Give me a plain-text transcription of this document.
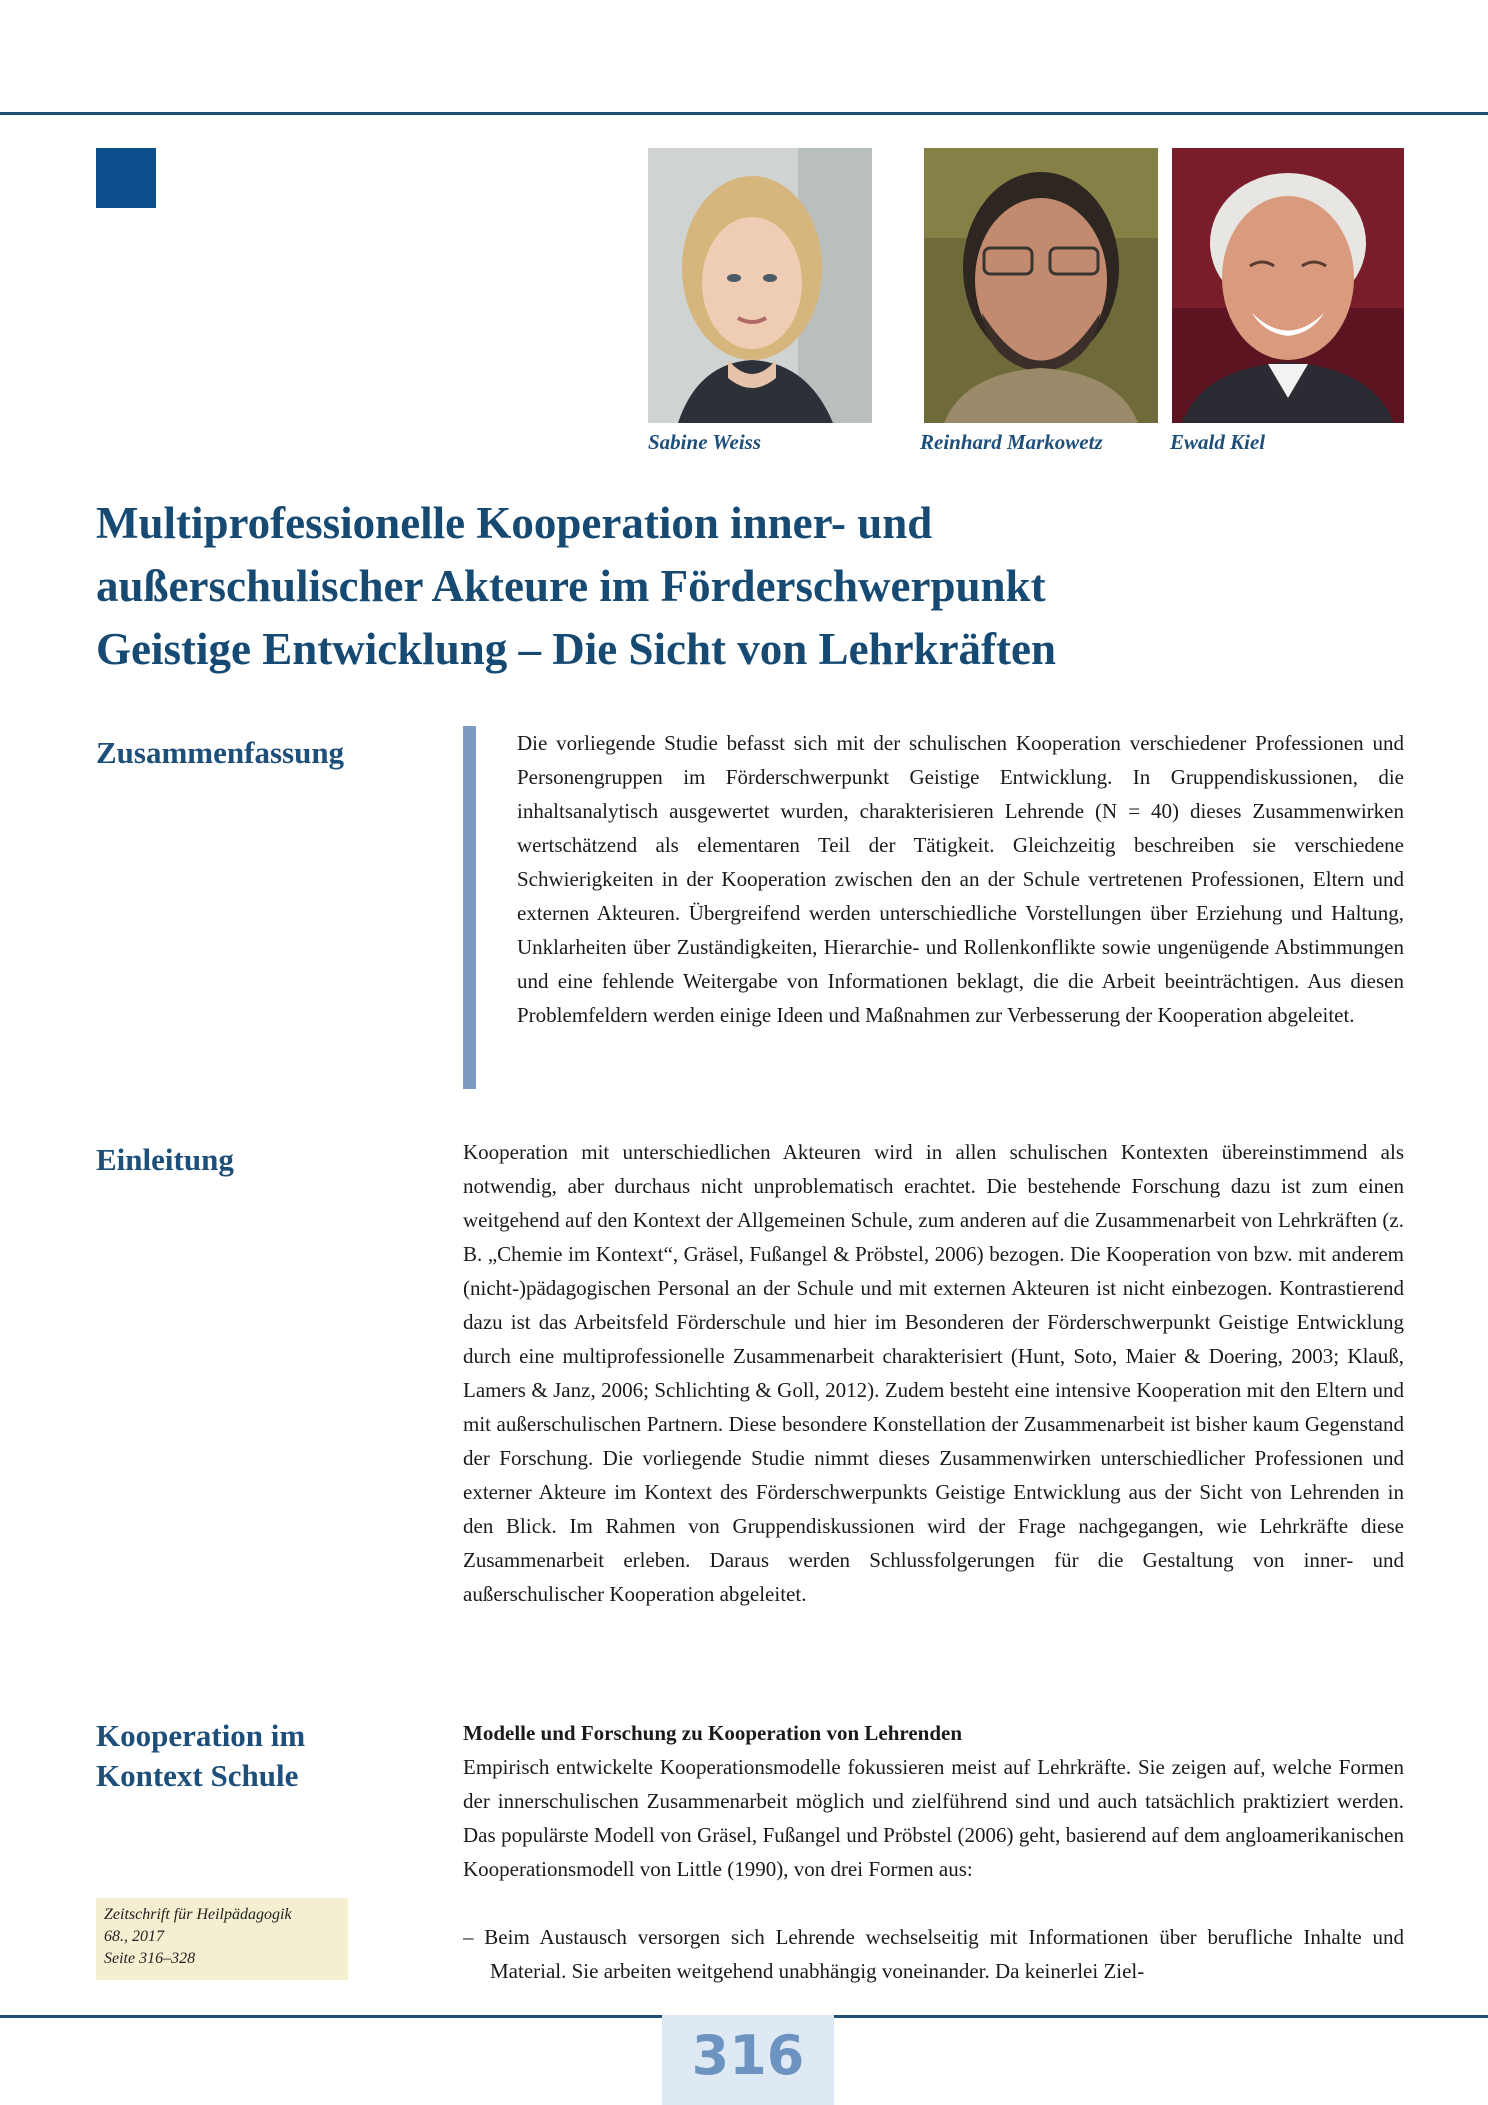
Sabine Weiss	Reinhard Markowetz	Ewald Kiel
Multiprofessionelle Kooperation inner- und
außerschulischer Akteure im Förderschwerpunkt
Geistige Entwicklung – Die Sicht von Lehrkräften
Zusammenfassung	Die vorliegende Studie befasst sich mit der schulischen Kooperation verschiedener Professionen und Personengruppen im Förderschwerpunkt Geistige Entwicklung. In Gruppendiskussionen, die inhaltsanalytisch ausgewertet wurden, charakterisieren Lehrende (N = 40) dieses Zusammenwirken wertschätzend als elementaren Teil der Tätigkeit. Gleichzeitig beschreiben sie verschiedene Schwierigkeiten in der Kooperation zwischen den an der Schule vertretenen Professionen, Eltern und externen Akteuren. Übergreifend werden unterschiedliche Vorstellungen über Erziehung und Haltung, Unklarheiten über Zuständigkeiten, Hierarchie- und Rollenkonflikte sowie ungenügende Abstimmungen und eine fehlende Weitergabe von Informationen beklagt, die die Arbeit beeinträchtigen. Aus diesen Problemfeldern werden einige Ideen und Maßnahmen zur Verbesserung der Kooperation abgeleitet.

Einleitung	Kooperation mit unterschiedlichen Akteuren wird in allen schulischen Kontexten übereinstimmend als notwendig, aber durchaus nicht unproblematisch erachtet. Die bestehende Forschung dazu ist zum einen weitgehend auf den Kontext der Allgemeinen Schule, zum anderen auf die Zusammenarbeit von Lehrkräften (z. B. „Chemie im Kontext“, Gräsel, Fußangel & Pröbstel, 2006) bezogen. Die Kooperation von bzw. mit anderem (nicht-)pädagogischen Personal an der Schule und mit externen Akteuren ist nicht einbezogen. Kontrastierend dazu ist das Arbeitsfeld Förderschule und hier im Besonderen der Förderschwerpunkt Geistige Entwicklung durch eine multiprofessionelle Zusammenarbeit charakterisiert (Hunt, Soto, Maier & Doering, 2003; Klauß, Lamers & Janz, 2006; Schlichting & Goll, 2012). Zudem besteht eine intensive Kooperation mit den Eltern und mit außerschulischen Partnern. Diese besondere Konstellation der Zusammenarbeit ist bisher kaum Gegenstand der Forschung. Die vorliegende Studie nimmt dieses Zusammenwirken unterschiedlicher Professionen und externer Akteure im Kontext des Förderschwerpunkts Geistige Entwicklung aus der Sicht von Lehrenden in den Blick. Im Rahmen von Gruppendiskussionen wird der Frage nachgegangen, wie Lehrkräfte diese Zusammenarbeit erleben. Daraus werden Schlussfolgerungen für die Gestaltung von inner- und außerschulischer Kooperation abgeleitet.

Kooperation im
Kontext Schule

Modelle und Forschung zu Kooperation von Lehrenden

Empirisch entwickelte Kooperationsmodelle fokussieren meist auf Lehrkräfte. Sie zeigen auf, welche Formen der innerschulischen Zusammenarbeit möglich und zielführend sind und auch tatsächlich praktiziert werden. Das populärste Modell von Gräsel, Fußangel und Pröbstel (2006) geht, basierend auf dem angloamerikanischen Kooperationsmodell von Little (1990), von drei Formen aus:

– Beim Austausch versorgen sich Lehrende wechselseitig mit Informationen über berufliche Inhalte und Material. Sie arbeiten weitgehend unabhängig voneinander. Da keinerlei Ziel-

Zeitschrift für Heilpädagogik
68., 2017
Seite 316–328
316
